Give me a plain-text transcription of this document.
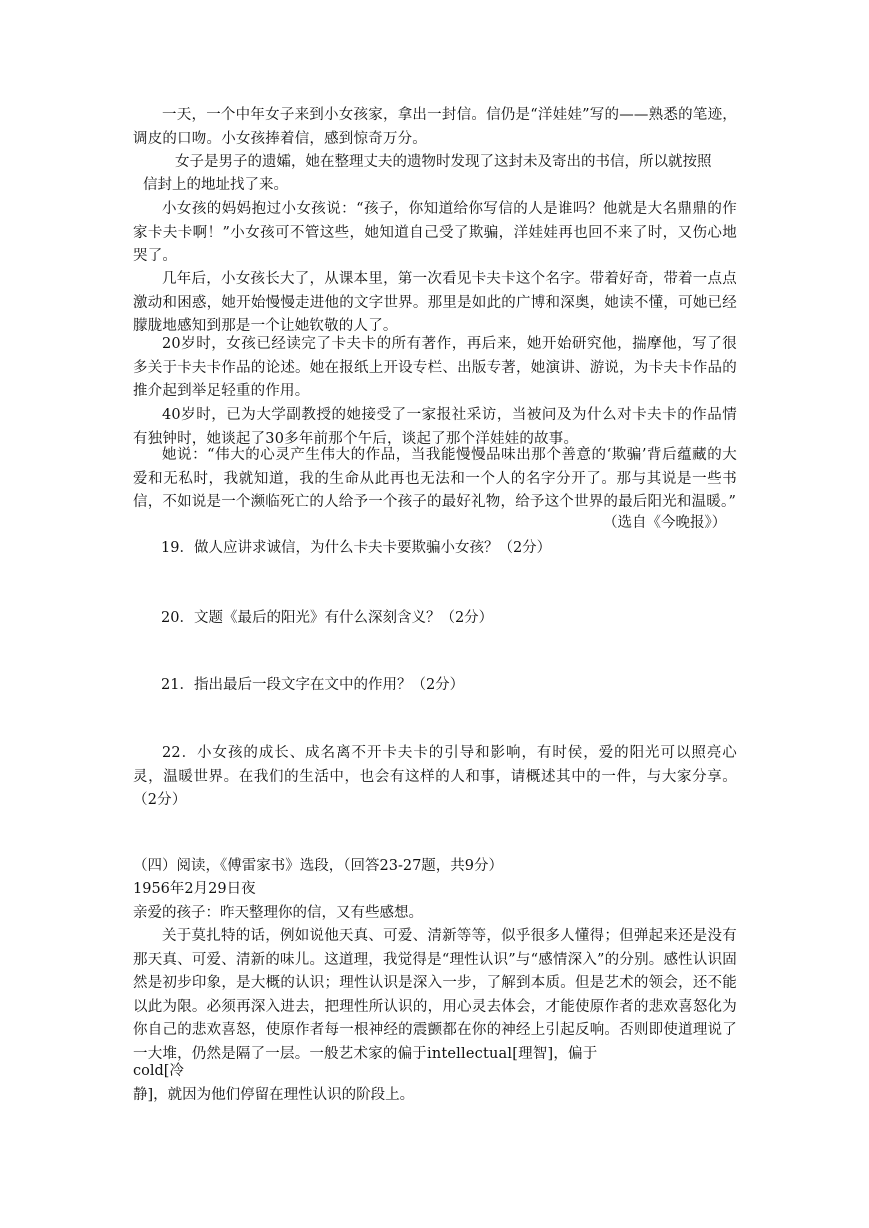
一天，一个中年女子来到小女孩家，拿出一封信。信仍是“洋娃娃”写的——熟悉的笔迹，调皮的口吻。小女孩捧着信，感到惊奇万分。
女子是男子的遗孀，她在整理丈夫的遗物时发现了这封未及寄出的书信，所以就按照
信封上的地址找了来。
小女孩的妈妈抱过小女孩说：“孩子，你知道给你写信的人是谁吗？他就是大名鼎鼎的作家卡夫卡啊！”小女孩可不管这些，她知道自己受了欺骗，洋娃娃再也回不来了时，又伤心地哭了。
几年后，小女孩长大了，从课本里，第一次看见卡夫卡这个名字。带着好奇，带着一点点激动和困惑，她开始慢慢走进他的文字世界。那里是如此的广博和深奥，她读不懂，可她已经朦胧地感知到那是一个让她钦敬的人了。
20岁时，女孩已经读完了卡夫卡的所有著作，再后来，她开始研究他，揣摩他，写了很多关于卡夫卡作品的论述。她在报纸上开设专栏、出版专著，她演讲、游说，为卡夫卡作品的推介起到举足轻重的作用。
40岁时，已为大学副教授的她接受了一家报社采访，当被问及为什么对卡夫卡的作品情有独钟时，她谈起了30多年前那个午后，谈起了那个洋娃娃的故事。
她说：“伟大的心灵产生伟大的作品，当我能慢慢品味出那个善意的‘欺骗’背后蕴藏的大爱和无私时，我就知道，我的生命从此再也无法和一个人的名字分开了。那与其说是一些书信，不如说是一个濒临死亡的人给予一个孩子的最好礼物，给予这个世界的最后阳光和温暖。”
（选自《今晚报》）
19．做人应讲求诚信，为什么卡夫卡要欺骗小女孩？（2分）
20．文题《最后的阳光》有什么深刻含义？（2分）
21．指出最后一段文字在文中的作用？（2分）
22．小女孩的成长、成名离不开卡夫卡的引导和影响，有时侯，爱的阳光可以照亮心灵，温暖世界。在我们的生活中，也会有这样的人和事，请概述其中的一件，与大家分享。（2分）
（四）阅读，《傅雷家书》选段，（回答23-27题，共9分）
1956年2月29日夜
亲爱的孩子：昨天整理你的信，又有些感想。
关于莫扎特的话，例如说他天真、可爱、清新等等，似乎很多人懂得；但弹起来还是没有那天真、可爱、清新的味儿。这道理，我觉得是“理性认识”与“感情深入”的分别。感性认识固然是初步印象，是大概的认识；理性认识是深入一步，了解到本质。但是艺术的领会，还不能以此为限。必须再深入进去，把理性所认识的，用心灵去体会，才能使原作者的悲欢喜怒化为你自己的悲欢喜怒，使原作者每一根神经的震颤都在你的神经上引起反响。否则即使道理说了一大堆，仍然是隔了一层。一般艺术家的偏于intellectual[理智]，偏于
cold[冷
静]，就因为他们停留在理性认识的阶段上。
